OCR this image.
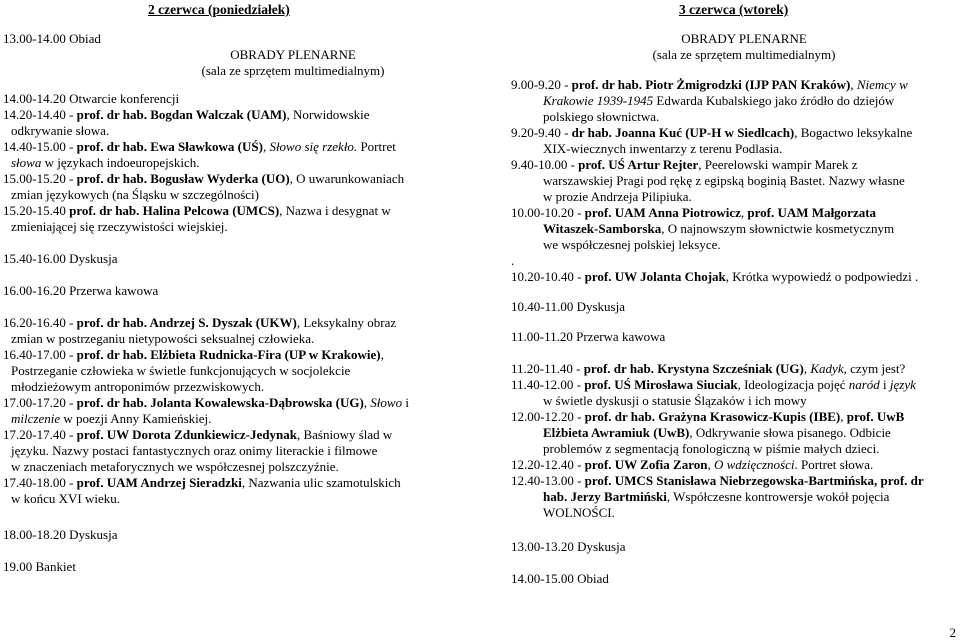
2 czerwca (poniedziałek)
13.00-14.00 Obiad
OBRADY PLENARNE
(sala ze sprzętem multimedialnym)
14.00-14.20 Otwarcie konferencji
14.20-14.40 - prof. dr hab. Bogdan Walczak (UAM), Norwidowskie
odkrywanie słowa.
14.40-15.00 - prof. dr hab. Ewa Sławkowa (UŚ), Słowo się rzekło. Portret
słowa w językach indoeuropejskich.
15.00-15.20 - prof. dr hab. Bogusław Wyderka (UO), O uwarunkowaniach
zmian językowych (na Śląsku w szczególności)
15.20-15.40 prof. dr hab. Halina Pelcowa (UMCS), Nazwa i desygnat w
zmieniającej się rzeczywistości wiejskiej.
15.40-16.00 Dyskusja
16.00-16.20 Przerwa kawowa
16.20-16.40 - prof. dr hab. Andrzej S. Dyszak (UKW), Leksykalny obraz
zmian w postrzeganiu nietypowości seksualnej człowieka.
16.40-17.00 - prof. dr hab. Elżbieta Rudnicka-Fira (UP w Krakowie),
Postrzeganie człowieka w świetle funkcjonujących w socjolekcie
młodzieżowym antroponimów przezwiskowych.
17.00-17.20 - prof. dr hab. Jolanta Kowalewska-Dąbrowska (UG), Słowo i
milczenie w poezji Anny Kamieńskiej.
17.20-17.40 - prof. UW Dorota Zdunkiewicz-Jedynak, Baśniowy ślad w
języku. Nazwy postaci fantastycznych oraz onimy literackie i filmowe
w znaczeniach metaforycznych we współczesnej polszczyźnie.
17.40-18.00 - prof. UAM Andrzej Sieradzki, Nazwania ulic szamotulskich
w końcu XVI wieku.
18.00-18.20 Dyskusja
19.00 Bankiet
3 czerwca (wtorek)
OBRADY PLENARNE
(sala ze sprzętem multimedialnym)
9.00-9.20 - prof. dr hab. Piotr Żmigrodzki (IJP PAN Kraków), Niemcy w
Krakowie 1939-1945 Edwarda Kubalskiego jako źródło do dziejów
polskiego słownictwa.
9.20-9.40 - dr hab. Joanna Kuć (UP-H w Siedlcach), Bogactwo leksykalne
XIX-wiecznych inwentarzy z terenu Podlasia.
9.40-10.00 - prof. UŚ Artur Rejter, Peerelowski wampir Marek z
warszawskiej Pragi pod rękę z egipską boginią Bastet. Nazwy własne
w prozie Andrzeja Pilipiuka.
10.00-10.20 - prof. UAM Anna Piotrowicz, prof. UAM Małgorzata
Witaszek-Samborska, O najnowszym słownictwie kosmetycznym
we współczesnej polskiej leksyce.
.
10.20-10.40 - prof. UW Jolanta Chojak, Krótka wypowiedź o podpowiedzi .
10.40-11.00 Dyskusja
11.00-11.20 Przerwa kawowa
11.20-11.40 - prof. dr hab. Krystyna Szcześniak (UG), Kadyk, czym jest?
11.40-12.00 - prof. UŚ Mirosława Siuciak, Ideologizacja pojęć naród i język
w świetle dyskusji o statusie Ślązaków i ich mowy
12.00-12.20 - prof. dr hab. Grażyna Krasowicz-Kupis (IBE), prof. UwB
Elżbieta Awramiuk (UwB), Odkrywanie słowa pisanego. Odbicie
problemów z segmentacją fonologiczną w piśmie małych dzieci.
12.20-12.40 - prof. UW Zofia Zaron, O wdzięczności. Portret słowa.
12.40-13.00 - prof. UMCS Stanisława Niebrzegowska-Bartmińska, prof. dr
hab. Jerzy Bartmiński, Współczesne kontrowersje wokół pojęcia
WOLNOŚCI.
13.00-13.20 Dyskusja
14.00-15.00 Obiad
2
